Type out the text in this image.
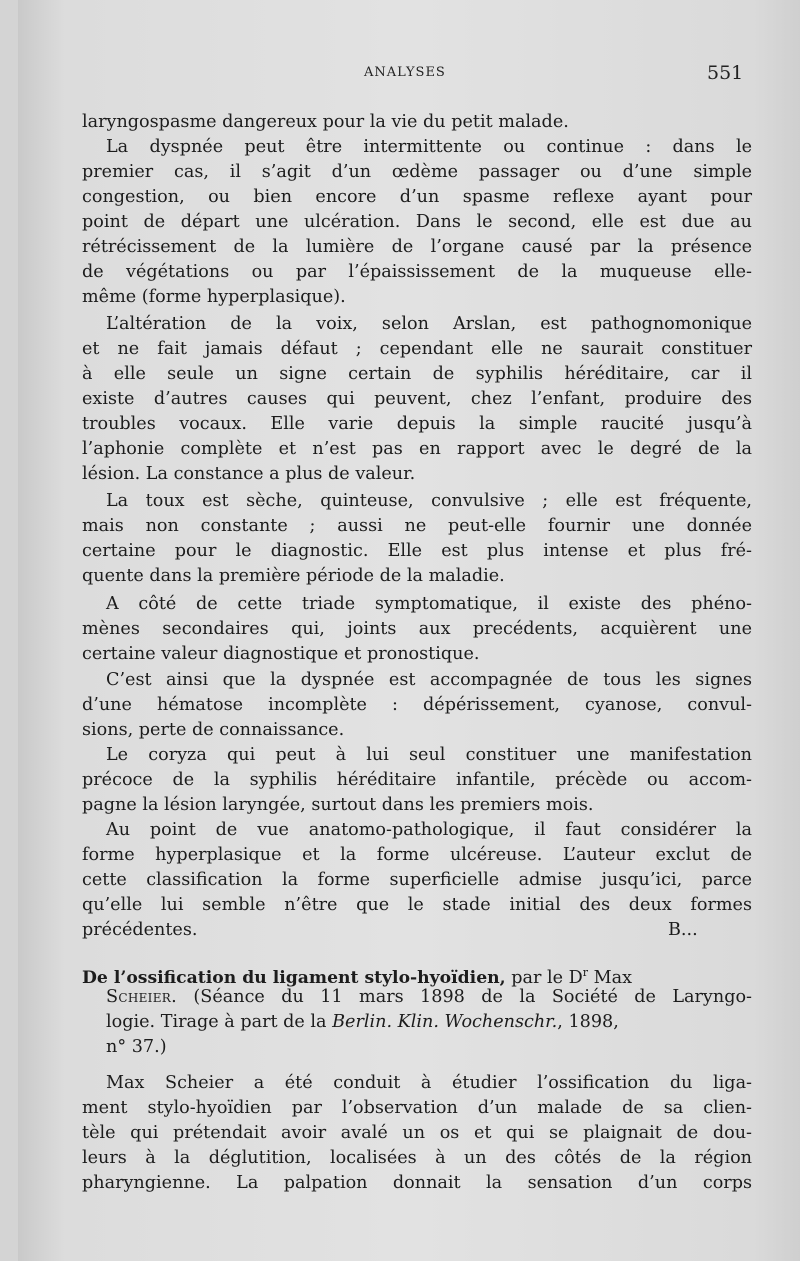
ANALYSES	551
laryngospasme dangereux pour la vie du petit malade.
La dyspnée peut être intermittente ou continue : dans le
premier cas, il s’agit d’un œdème passager ou d’une simple
congestion, ou bien encore d’un spasme reflexe ayant pour
point de départ une ulcération. Dans le second, elle est due au
rétrécissement de la lumière de l’organe causé par la présence
de végétations ou par l’épaississement de la muqueuse elle-
même (forme hyperplasique).
L’altération de la voix, selon Arslan, est pathognomonique
et ne fait jamais défaut ; cependant elle ne saurait constituer
à elle seule un signe certain de syphilis héréditaire, car il
existe d’autres causes qui peuvent, chez l’enfant, produire des
troubles vocaux. Elle varie depuis la simple raucité jusqu’à
l’aphonie complète et n’est pas en rapport avec le degré de la
lésion. La constance a plus de valeur.
La toux est sèche, quinteuse, convulsive ; elle est fréquente,
mais non constante ; aussi ne peut-elle fournir une donnée
certaine pour le diagnostic. Elle est plus intense et plus fré-
quente dans la première période de la maladie.
A côté de cette triade symptomatique, il existe des phéno-
mènes secondaires qui, joints aux precédents, acquièrent une
certaine valeur diagnostique et pronostique.
C’est ainsi que la dyspnée est accompagnée de tous les signes
d’une hématose incomplète : dépérissement, cyanose, convul-
sions, perte de connaissance.
Le coryza qui peut à lui seul constituer une manifestation
précoce de la syphilis héréditaire infantile, précède ou accom-
pagne la lésion laryngée, surtout dans les premiers mois.
Au point de vue anatomo-pathologique, il faut considérer la
forme hyperplasique et la forme ulcéreuse. L’auteur exclut de
cette classification la forme superficielle admise jusqu’ici, parce
qu’elle lui semble n’être que le stade initial des deux formes
précédentes.	B...
De l’ossification du ligament stylo-hyoïdien, par le $D^r$ Max
Scheier. (Séance du 11 mars 1898 de la Société de Laryngo-
logie. Tirage à part de la Berlin. Klin. Wochenschr., 1898,
n° 37.)
Max Scheier a été conduit à étudier l’ossification du liga-
ment stylo-hyoïdien par l’observation d’un malade de sa clien-
tèle qui prétendait avoir avalé un os et qui se plaignait de dou-
leurs à la déglutition, localisées à un des côtés de la région
pharyngienne. La palpation donnait la sensation d’un corps
